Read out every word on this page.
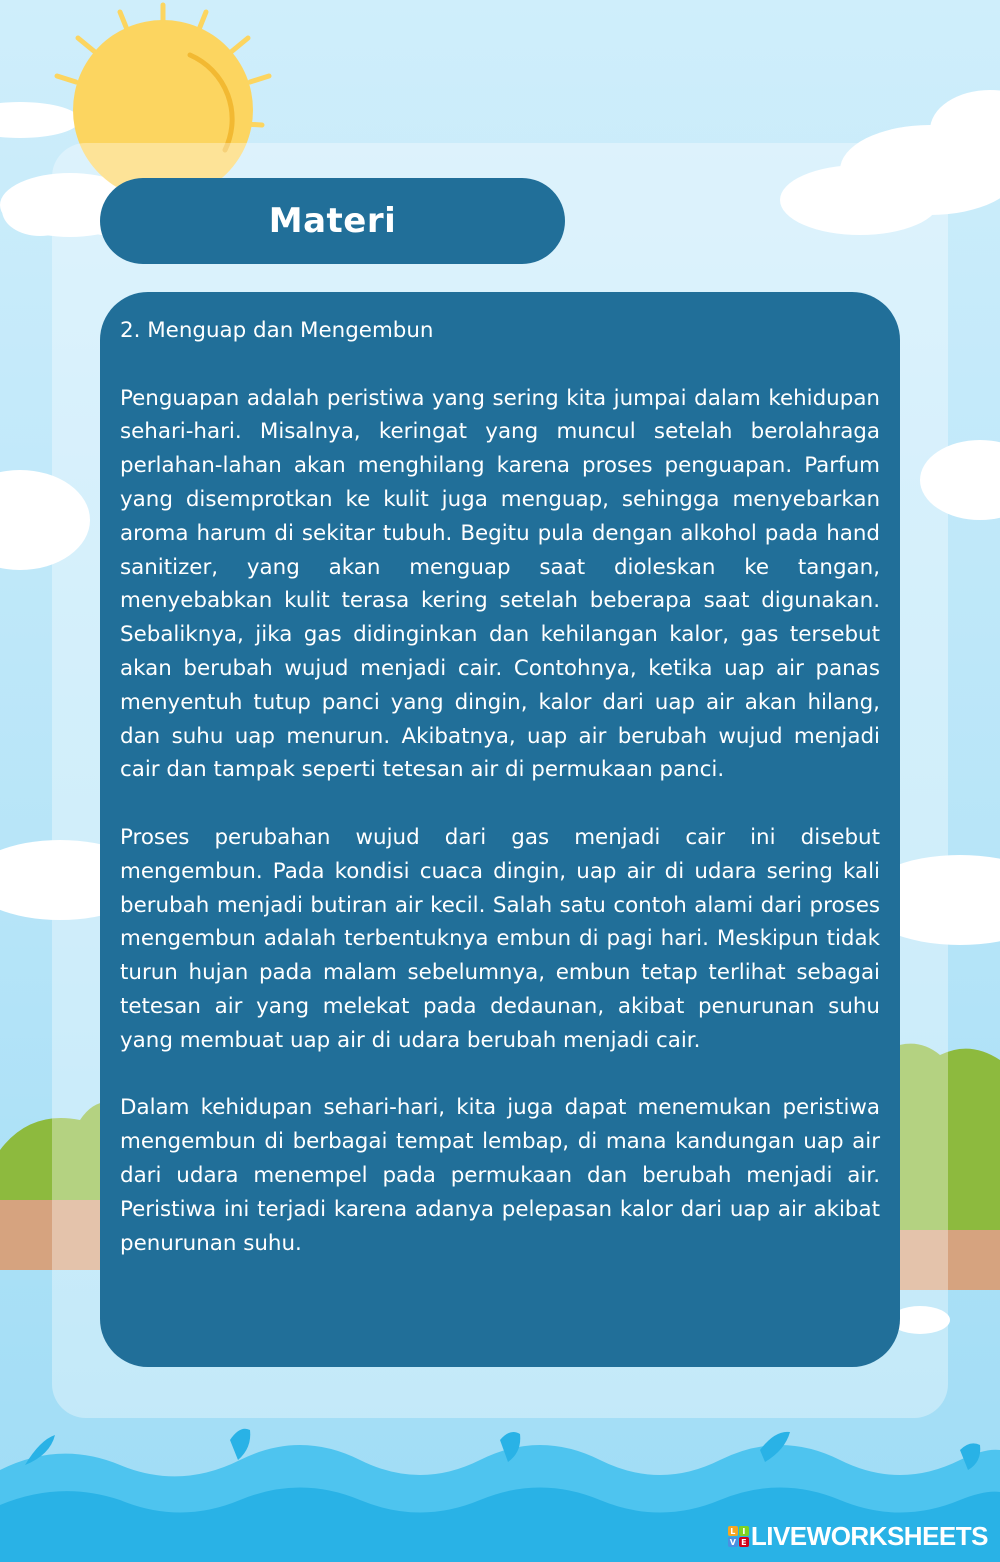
Materi

2. Menguap dan Mengembun

Penguapan adalah peristiwa yang sering kita jumpai dalam kehidupan sehari-hari. Misalnya, keringat yang muncul setelah berolahraga perlahan-lahan akan menghilang karena proses penguapan. Parfum yang disemprotkan ke kulit juga menguap, sehingga menyebarkan aroma harum di sekitar tubuh. Begitu pula dengan alkohol pada hand sanitizer, yang akan menguap saat dioleskan ke tangan, menyebabkan kulit terasa kering setelah beberapa saat digunakan. Sebaliknya, jika gas didinginkan dan kehilangan kalor, gas tersebut akan berubah wujud menjadi cair. Contohnya, ketika uap air panas menyentuh tutup panci yang dingin, kalor dari uap air akan hilang, dan suhu uap menurun. Akibatnya, uap air berubah wujud menjadi cair dan tampak seperti tetesan air di permukaan panci.

Proses perubahan wujud dari gas menjadi cair ini disebut mengembun. Pada kondisi cuaca dingin, uap air di udara sering kali berubah menjadi butiran air kecil. Salah satu contoh alami dari proses mengembun adalah terbentuknya embun di pagi hari. Meskipun tidak turun hujan pada malam sebelumnya, embun tetap terlihat sebagai tetesan air yang melekat pada dedaunan, akibat penurunan suhu yang membuat uap air di udara berubah menjadi cair.

Dalam kehidupan sehari-hari, kita juga dapat menemukan peristiwa mengembun di berbagai tempat lembap, di mana kandungan uap air dari udara menempel pada permukaan dan berubah menjadi air. Peristiwa ini terjadi karena adanya pelepasan kalor dari uap air akibat penurunan suhu.

L I
V E LIVEWORKSHEETS
